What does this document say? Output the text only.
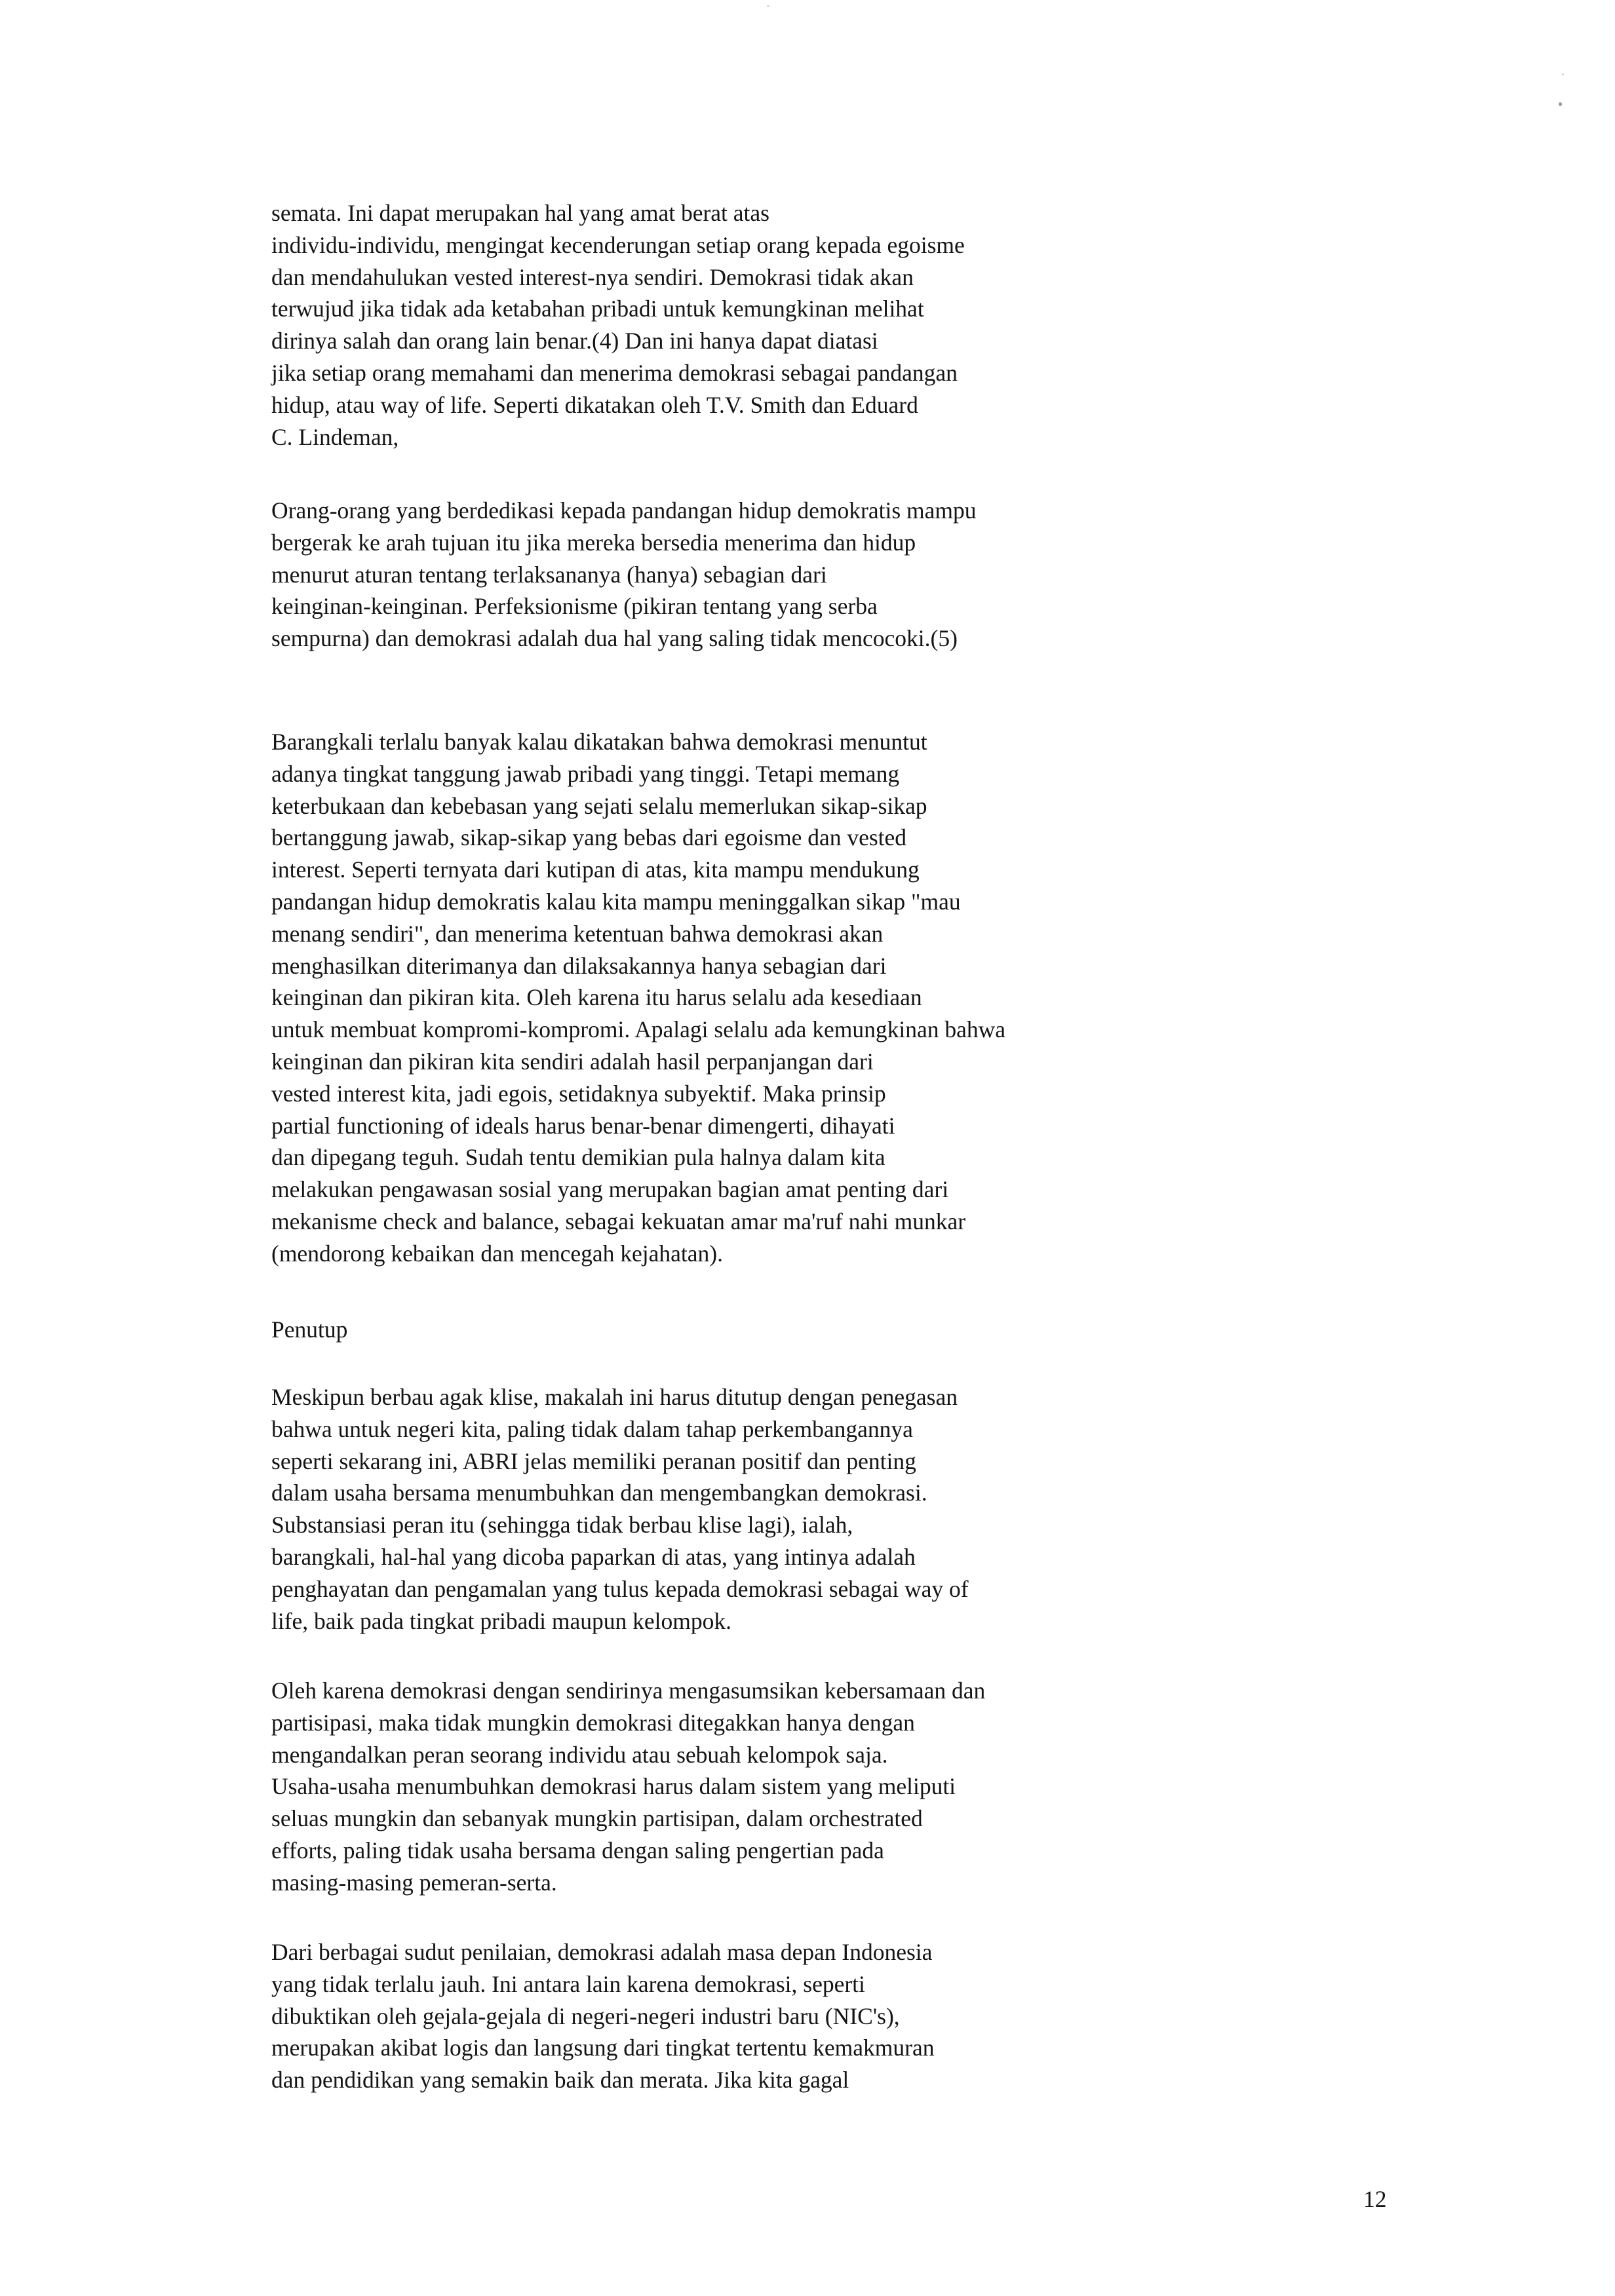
semata. Ini dapat merupakan hal yang amat berat atas
individu-individu, mengingat kecenderungan setiap orang kepada egoisme
dan mendahulukan vested interest-nya sendiri. Demokrasi tidak akan
terwujud jika tidak ada ketabahan pribadi untuk kemungkinan melihat
dirinya salah dan orang lain benar.(4) Dan ini hanya dapat diatasi
jika setiap orang memahami dan menerima demokrasi sebagai pandangan
hidup, atau way of life. Seperti dikatakan oleh T.V. Smith dan Eduard
C. Lindeman,
Orang-orang yang berdedikasi kepada pandangan hidup demokratis mampu
bergerak ke arah tujuan itu jika mereka bersedia menerima dan hidup
menurut aturan tentang terlaksananya (hanya) sebagian dari
keinginan-keinginan. Perfeksionisme (pikiran tentang yang serba
sempurna) dan demokrasi adalah dua hal yang saling tidak mencocoki.(5)
Barangkali terlalu banyak kalau dikatakan bahwa demokrasi menuntut
adanya tingkat tanggung jawab pribadi yang tinggi. Tetapi memang
keterbukaan dan kebebasan yang sejati selalu memerlukan sikap-sikap
bertanggung jawab, sikap-sikap yang bebas dari egoisme dan vested
interest. Seperti ternyata dari kutipan di atas, kita mampu mendukung
pandangan hidup demokratis kalau kita mampu meninggalkan sikap "mau
menang sendiri", dan menerima ketentuan bahwa demokrasi akan
menghasilkan diterimanya dan dilaksakannya hanya sebagian dari
keinginan dan pikiran kita. Oleh karena itu harus selalu ada kesediaan
untuk membuat kompromi-kompromi. Apalagi selalu ada kemungkinan bahwa
keinginan dan pikiran kita sendiri adalah hasil perpanjangan dari
vested interest kita, jadi egois, setidaknya subyektif. Maka prinsip
partial functioning of ideals harus benar-benar dimengerti, dihayati
dan dipegang teguh. Sudah tentu demikian pula halnya dalam kita
melakukan pengawasan sosial yang merupakan bagian amat penting dari
mekanisme check and balance, sebagai kekuatan amar ma'ruf nahi munkar
(mendorong kebaikan dan mencegah kejahatan).
Penutup
Meskipun berbau agak klise, makalah ini harus ditutup dengan penegasan
bahwa untuk negeri kita, paling tidak dalam tahap perkembangannya
seperti sekarang ini, ABRI jelas memiliki peranan positif dan penting
dalam usaha bersama menumbuhkan dan mengembangkan demokrasi.
Substansiasi peran itu (sehingga tidak berbau klise lagi), ialah,
barangkali, hal-hal yang dicoba paparkan di atas, yang intinya adalah
penghayatan dan pengamalan yang tulus kepada demokrasi sebagai way of
life, baik pada tingkat pribadi maupun kelompok.
Oleh karena demokrasi dengan sendirinya mengasumsikan kebersamaan dan
partisipasi, maka tidak mungkin demokrasi ditegakkan hanya dengan
mengandalkan peran seorang individu atau sebuah kelompok saja.
Usaha-usaha menumbuhkan demokrasi harus dalam sistem yang meliputi
seluas mungkin dan sebanyak mungkin partisipan, dalam orchestrated
efforts, paling tidak usaha bersama dengan saling pengertian pada
masing-masing pemeran-serta.
Dari berbagai sudut penilaian, demokrasi adalah masa depan Indonesia
yang tidak terlalu jauh. Ini antara lain karena demokrasi, seperti
dibuktikan oleh gejala-gejala di negeri-negeri industri baru (NIC's),
merupakan akibat logis dan langsung dari tingkat tertentu kemakmuran
dan pendidikan yang semakin baik dan merata. Jika kita gagal
12
